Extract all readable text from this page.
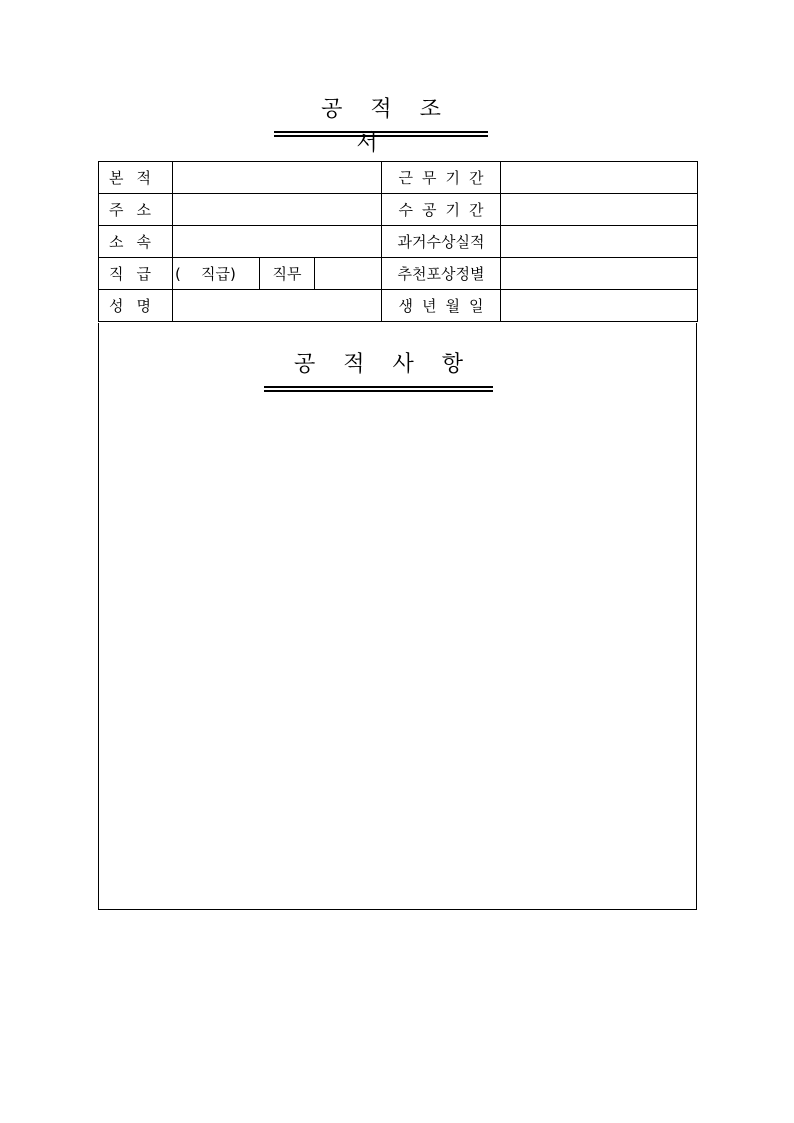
공적조서
본적				근무기간	
주소				수공기간	
소속				과거수상실적	
직급	( 직급)	직무		추천포상정별	
성명				생년월일	
공적사항
